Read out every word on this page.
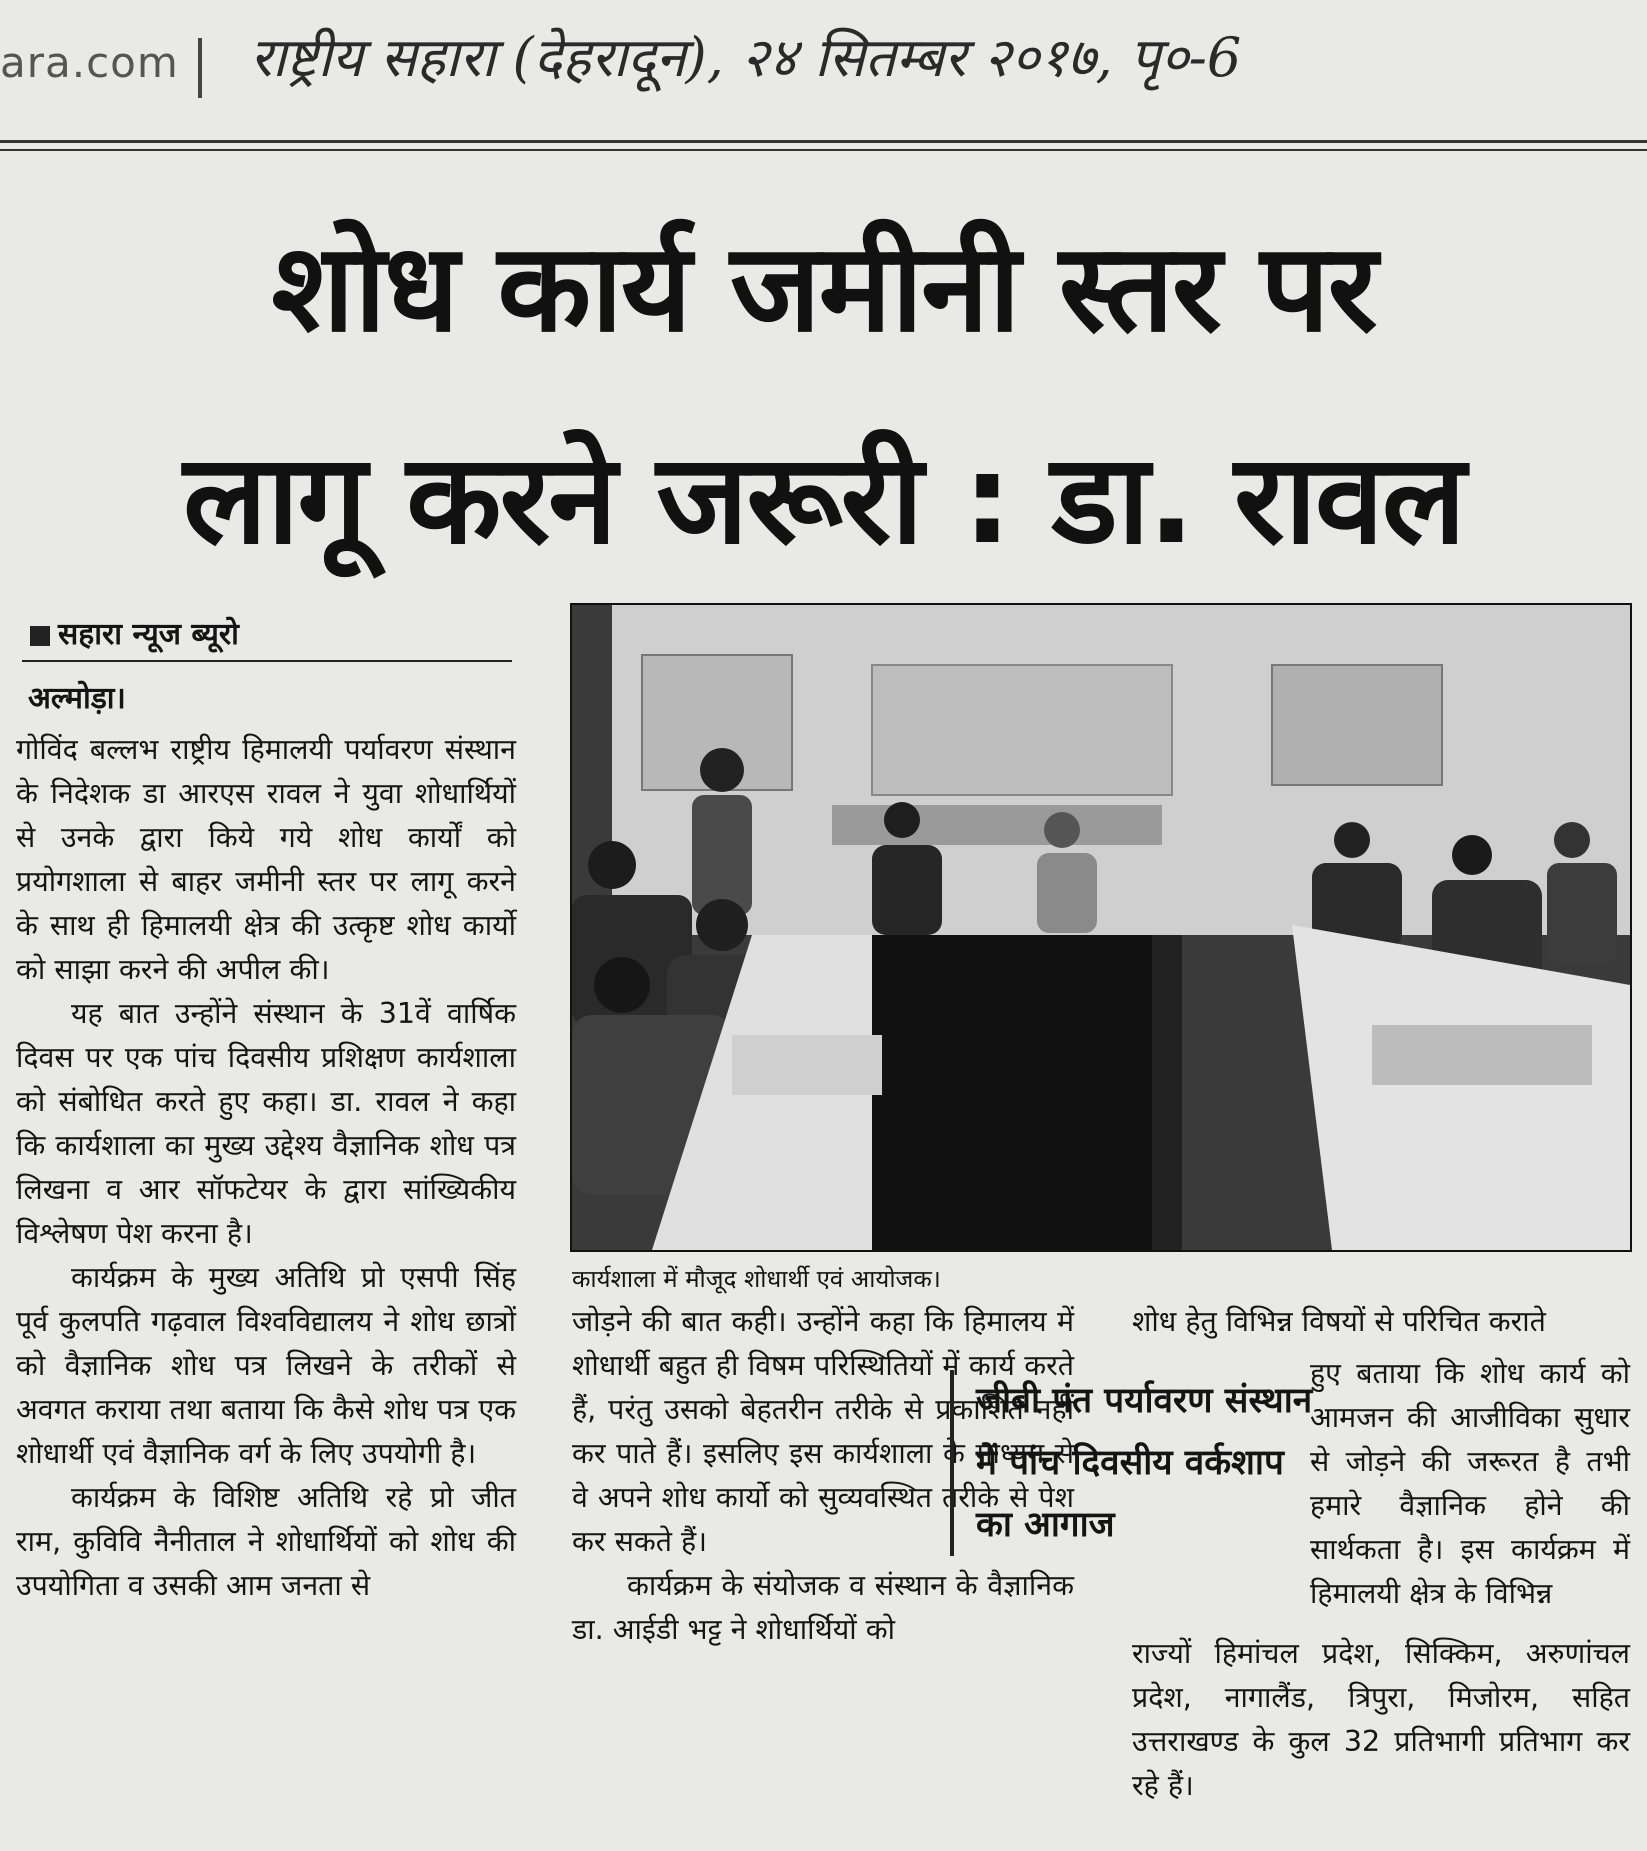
ara.com राष्ट्रीय सहारा (देहरादून), २४ सितम्बर २०१७, पृ०-6
शोध कार्य जमीनी स्तर पर
लागू करने जरूरी : डा. रावल
सहारा न्यूज ब्यूरो
अल्मोड़ा।

गोविंद बल्लभ राष्ट्रीय हिमालयी पर्यावरण संस्थान के निदेशक डा आरएस रावल ने युवा शोधार्थियों से उनके द्वारा किये गये शोध कार्यों को प्रयोगशाला से बाहर जमीनी स्तर पर लागू करने के साथ ही हिमालयी क्षेत्र की उत्कृष्ट शोध कार्यो को साझा करने की अपील की।

यह बात उन्होंने संस्थान के 31वें वार्षिक दिवस पर एक पांच दिवसीय प्रशिक्षण कार्यशाला को संबोधित करते हुए कहा। डा. रावल ने कहा कि कार्यशाला का मुख्य उद्देश्य वैज्ञानिक शोध पत्र लिखना व आर सॉफटेयर के द्वारा सांख्यिकीय विश्लेषण पेश करना है।

कार्यक्रम के मुख्य अतिथि प्रो एसपी सिंह पूर्व कुलपति गढ़वाल विश्वविद्यालय ने शोध छात्रों को वैज्ञानिक शोध पत्र लिखने के तरीकों से अवगत कराया तथा बताया कि कैसे शोध पत्र एक शोधार्थी एवं वैज्ञानिक वर्ग के लिए उपयोगी है।

कार्यक्रम के विशिष्ट अतिथि रहे प्रो जीत राम, कुविवि नैनीताल ने शोधार्थियों को शोध की उपयोगिता व उसकी आम जनता से

कार्यशाला में मौजूद शोधार्थी एवं आयोजक।

जोड़ने की बात कही। उन्होंने कहा कि हिमालय में शोधार्थी बहुत ही विषम परिस्थितियों में कार्य करते हैं, परंतु उसको बेहतरीन तरीके से प्रकाशित नहीं कर पाते हैं। इसलिए इस कार्यशाला के माध्यम से वे अपने शोध कार्यो को सुव्यवस्थित तरीके से पेश कर सकते हैं।

कार्यक्रम के संयोजक व संस्थान के वैज्ञानिक डा. आईडी भट्ट ने शोधार्थियों को

शोध हेतु विभिन्न विषयों से परिचित कराते

जीबी पंत पर्यावरण संस्थान में पांच दिवसीय वर्कशाप का आगाज

हुए बताया कि शोध कार्य को आमजन की आजीविका सुधार से जोड़ने की जरूरत है तभी हमारे वैज्ञानिक होने की सार्थकता है। इस कार्यक्रम में हिमालयी क्षेत्र के विभिन्न

राज्यों हिमांचल प्रदेश, सिक्किम, अरुणांचल प्रदेश, नागालैंड, त्रिपुरा, मिजोरम, सहित उत्तराखण्ड के कुल 32 प्रतिभागी प्रतिभाग कर रहे हैं।
